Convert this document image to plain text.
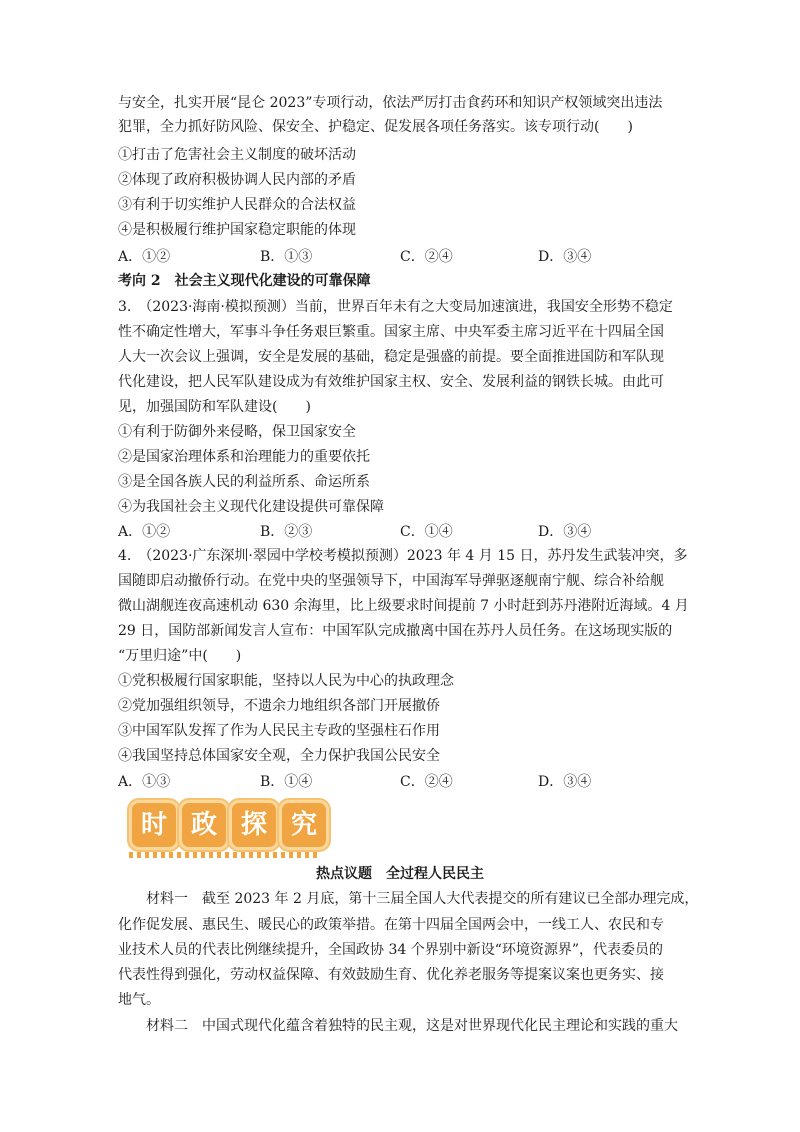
与安全，扎实开展“昆仑 2023”专项行动，依法严厉打击食药环和知识产权领域突出违法
犯罪，全力抓好防风险、保安全、护稳定、促发展各项任务落实。该专项行动(　　)
①打击了危害社会主义制度的破坏活动
②体现了政府积极协调人民内部的矛盾
③有利于切实维护人民群众的合法权益
④是积极履行维护国家稳定职能的体现
A．①②	B．①③	C．②④	D．③④
考向 2　社会主义现代化建设的可靠保障
3.　（2023·海南·模拟预测）当前，世界百年未有之大变局加速演进，我国安全形势不稳定
性不确定性增大，军事斗争任务艰巨繁重。国家主席、中央军委主席习近平在十四届全国
人大一次会议上强调，安全是发展的基础，稳定是强盛的前提。要全面推进国防和军队现
代化建设，把人民军队建设成为有效维护国家主权、安全、发展利益的钢铁长城。由此可
见，加强国防和军队建设(　　)
①有利于防御外来侵略，保卫国家安全
②是国家治理体系和治理能力的重要依托
③是全国各族人民的利益所系、命运所系
④为我国社会主义现代化建设提供可靠保障
A．①②	B．②③	C．①④	D．③④
4.　（2023·广东深圳·翠园中学校考模拟预测）2023 年 4 月 15 日，苏丹发生武装冲突，多
国随即启动撤侨行动。在党中央的坚强领导下，中国海军导弹驱逐舰南宁舰、综合补给舰
微山湖舰连夜高速机动 630 余海里，比上级要求时间提前 7 小时赶到苏丹港附近海域。4 月
29 日，国防部新闻发言人宣布：中国军队完成撤离中国在苏丹人员任务。在这场现实版的
“万里归途”中(　　)
①党积极履行国家职能，坚持以人民为中心的执政理念
②党加强组织领导，不遗余力地组织各部门开展撤侨
③中国军队发挥了作为人民民主专政的坚强柱石作用
④我国坚持总体国家安全观，全力保护我国公民安全
A．①③	B．①④	C．②④	D．③④
时 政 探 究
热点议题　全过程人民民主
材料一　截至 2023 年 2 月底，第十三届全国人大代表提交的所有建议已全部办理完成，
化作促发展、惠民生、暖民心的政策举措。在第十四届全国两会中，一线工人、农民和专
业技术人员的代表比例继续提升，全国政协 34 个界别中新设“环境资源界”，代表委员的
代表性得到强化，劳动权益保障、有效鼓励生育、优化养老服务等提案议案也更务实、接
地气。
材料二　中国式现代化蕴含着独特的民主观，这是对世界现代化民主理论和实践的重大
